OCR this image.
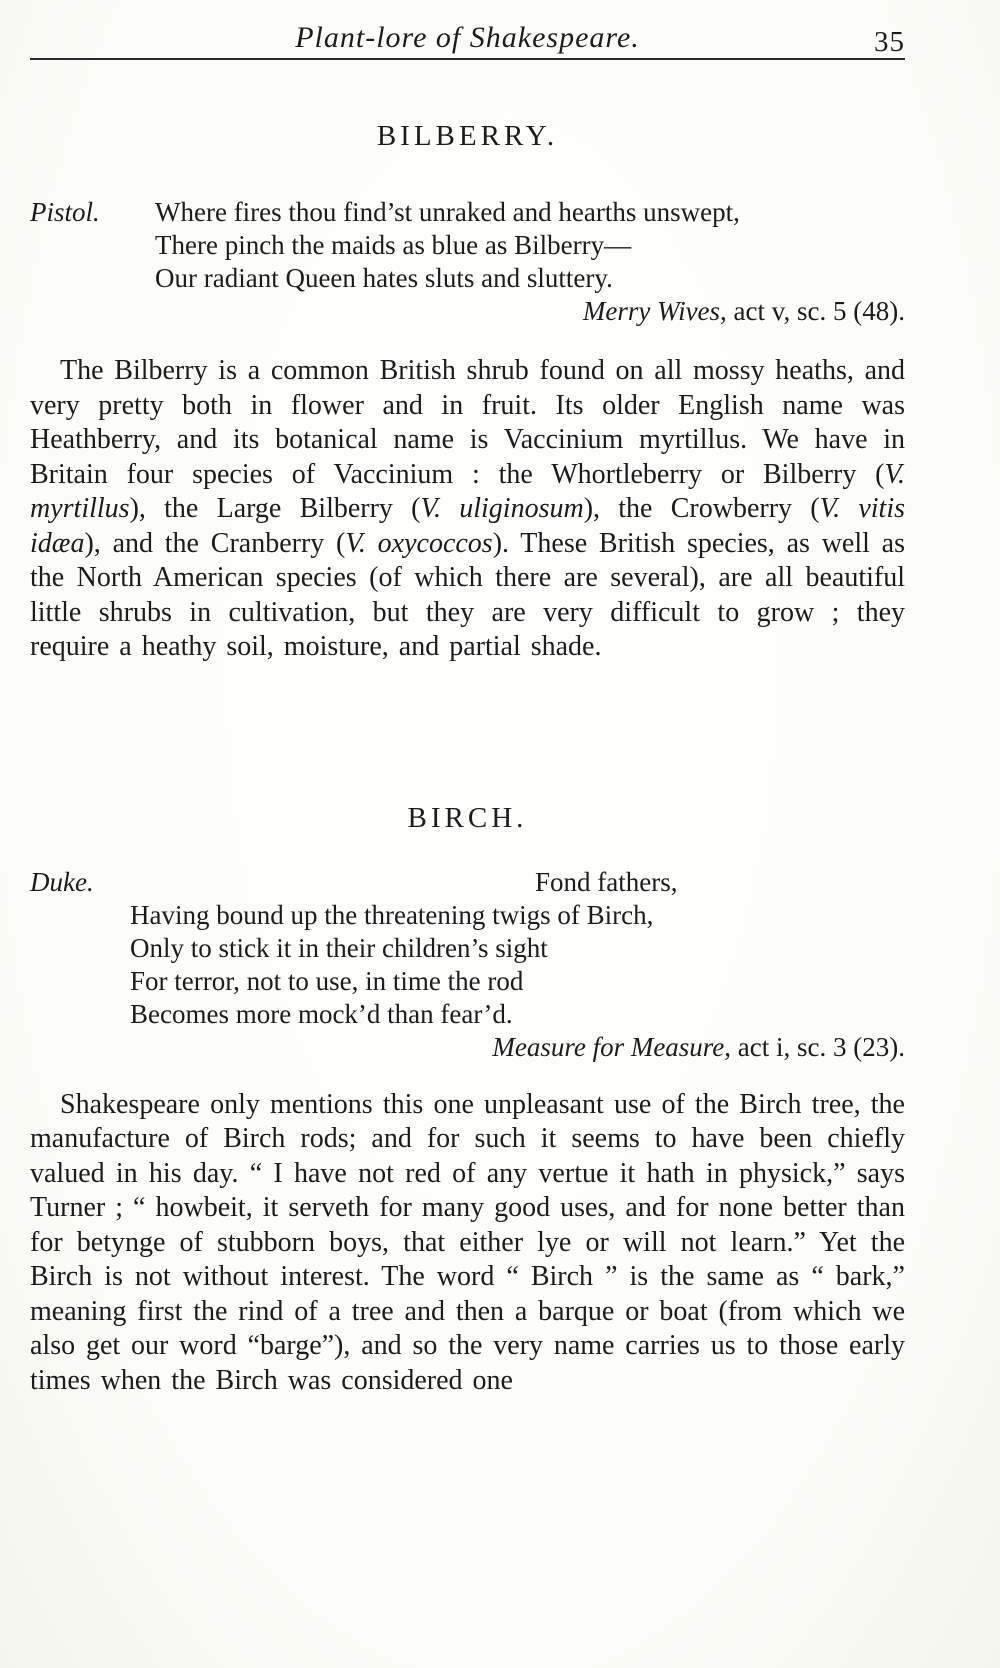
Plant-lore of Shakespeare.	35
BILBERRY.
Pistol. Where fires thou find’st unraked and hearths unswept,
There pinch the maids as blue as Bilberry—
Our radiant Queen hates sluts and sluttery.
Merry Wives, act v, sc. 5 (48).

The Bilberry is a common British shrub found on all mossy heaths, and very pretty both in flower and in fruit. Its older English name was Heathberry, and its botanical name is Vaccinium myrtillus. We have in Britain four species of Vaccinium : the Whortleberry or Bilberry (V. myrtillus), the Large Bilberry (V. uliginosum), the Crowberry (V. vitis idæa), and the Cranberry (V. oxycoccos). These British species, as well as the North American species (of which there are several), are all beautiful little shrubs in cultivation, but they are very difficult to grow ; they require a heathy soil, moisture, and partial shade.

BIRCH.
Duke.	Fond fathers,
Having bound up the threatening twigs of Birch,
Only to stick it in their children’s sight
For terror, not to use, in time the rod
Becomes more mock’d than fear’d.
Measure for Measure, act i, sc. 3 (23).

Shakespeare only mentions this one unpleasant use of the Birch tree, the manufacture of Birch rods; and for such it seems to have been chiefly valued in his day. “ I have not red of any vertue it hath in physick,” says Turner ; “ howbeit, it serveth for many good uses, and for none better than for betynge of stubborn boys, that either lye or will not learn.” Yet the Birch is not without interest. The word “ Birch ” is the same as “ bark,” meaning first the rind of a tree and then a barque or boat (from which we also get our word “barge”), and so the very name carries us to those early times when the Birch was considered one
